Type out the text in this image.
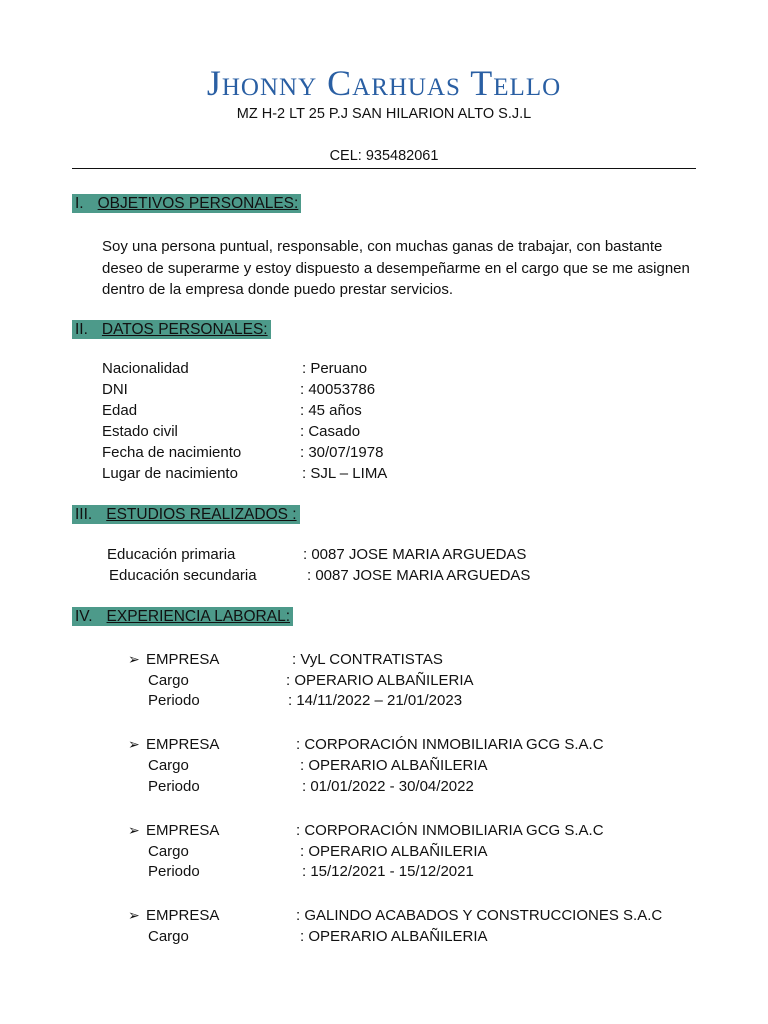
Jhonny Carhuas Tello
MZ H-2 LT 25 P.J SAN HILARION ALTO S.J.L
CEL: 935482061
I. OBJETIVOS PERSONALES:
Soy una persona puntual, responsable, con muchas ganas de trabajar, con bastante deseo de superarme y estoy dispuesto a desempeñarme en el cargo que se me asignen dentro de la empresa donde puedo prestar servicios.
II. DATOS PERSONALES:
Nacionalidad	: Peruano
DNI	: 40053786
Edad	: 45 años
Estado civil	: Casado
Fecha de nacimiento	: 30/07/1978
Lugar de nacimiento	: SJL – LIMA
III. ESTUDIOS REALIZADOS :
Educación primaria	: 0087 JOSE MARIA ARGUEDAS
Educación secundaria	: 0087 JOSE MARIA ARGUEDAS
IV. EXPERIENCIA LABORAL:
➢ EMPRESA	: VyL CONTRATISTAS
Cargo	: OPERARIO ALBAÑILERIA
Periodo	: 14/11/2022 – 21/01/2023
➢ EMPRESA	: CORPORACIÓN INMOBILIARIA GCG S.A.C
Cargo	: OPERARIO ALBAÑILERIA
Periodo	: 01/01/2022 - 30/04/2022
➢ EMPRESA	: CORPORACIÓN INMOBILIARIA GCG S.A.C
Cargo	: OPERARIO ALBAÑILERIA
Periodo	: 15/12/2021 - 15/12/2021
➢ EMPRESA	: GALINDO ACABADOS Y CONSTRUCCIONES S.A.C
Cargo	: OPERARIO ALBAÑILERIA
